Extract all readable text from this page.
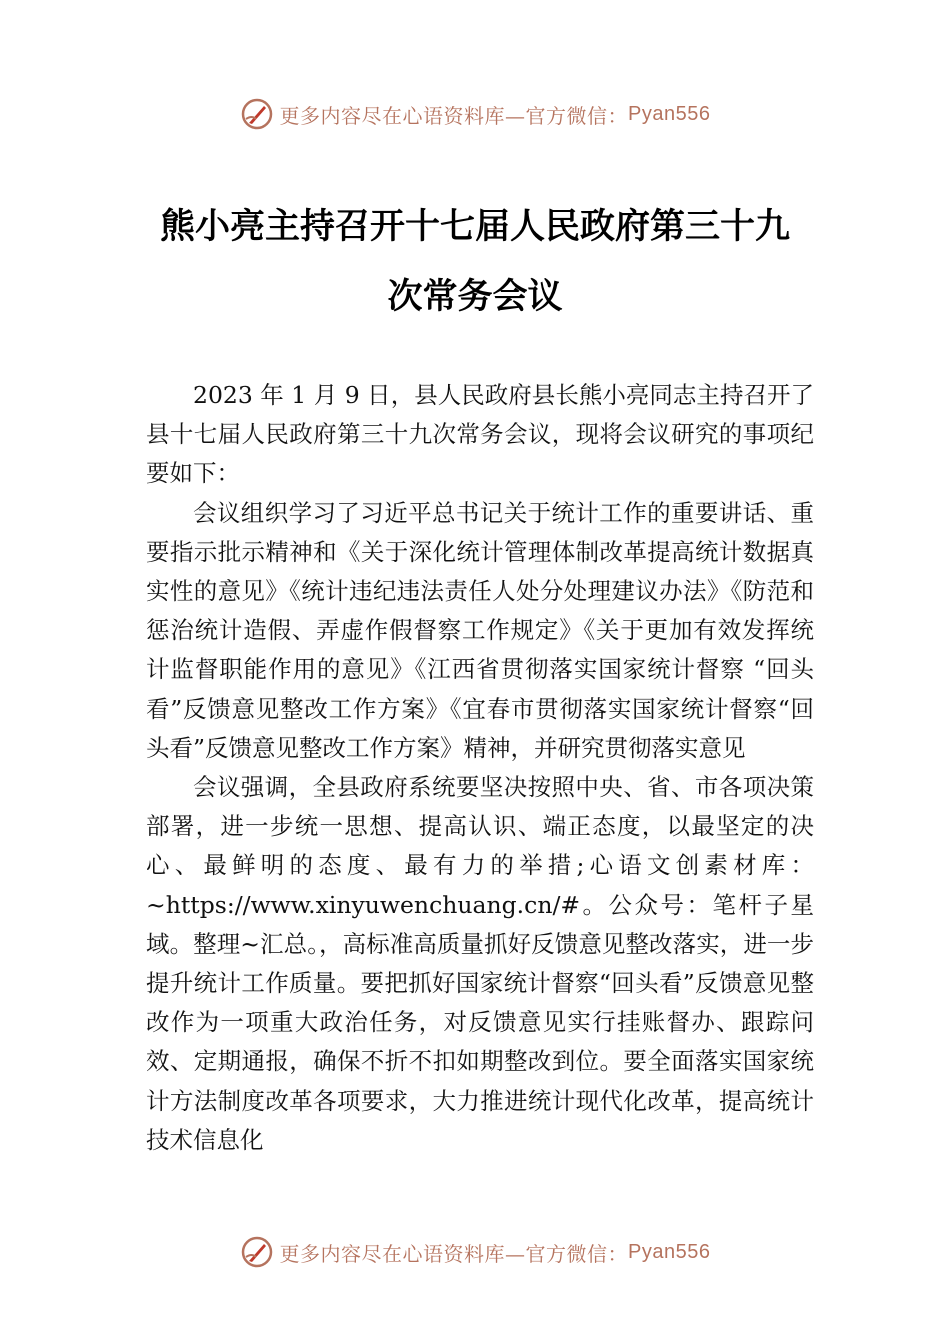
更多内容尽在心语资料库—官方微信： Pyan556
熊小亮主持召开十七届人民政府第三十九
次常务会议

2023 年 1 月 9 日，县人民政府县长熊小亮同志主持召开了县十七届人民政府第三十九次常务会议，现将会议研究的事项纪要如下：

会议组织学习了习近平总书记关于统计工作的重要讲话、重要指示批示精神和《关于深化统计管理体制改革提高统计数据真实性的意见》《统计违纪违法责任人处分处理建议办法》《防范和惩治统计造假、弄虚作假督察工作规定》《关于更加有效发挥统计监督职能作用的意见》《江西省贯彻落实国家统计督察 “回头看”反馈意见整改工作方案》《宜春市贯彻落实国家统计督察“回头看”反馈意见整改工作方案》精神，并研究贯彻落实意见

会议强调，全县政府系统要坚决按照中央、省、市各项决策部署，进一步统一思想、提高认识、端正态度，以最坚定的决心、最鲜明的态度、最有力的举措;心语文创素材库：~https://www.xinyuwenchuang.cn/#。公众号：笔杆子星域。整理~汇总。，高标准高质量抓好反馈意见整改落实，进一步提升统计工作质量。要把抓好国家统计督察“回头看”反馈意见整改作为一项重大政治任务，对反馈意见实行挂账督办、跟踪问效、定期通报，确保不折不扣如期整改到位。要全面落实国家统计方法制度改革各项要求，大力推进统计现代化改革，提高统计技术信息化

更多内容尽在心语资料库—官方微信： Pyan556
